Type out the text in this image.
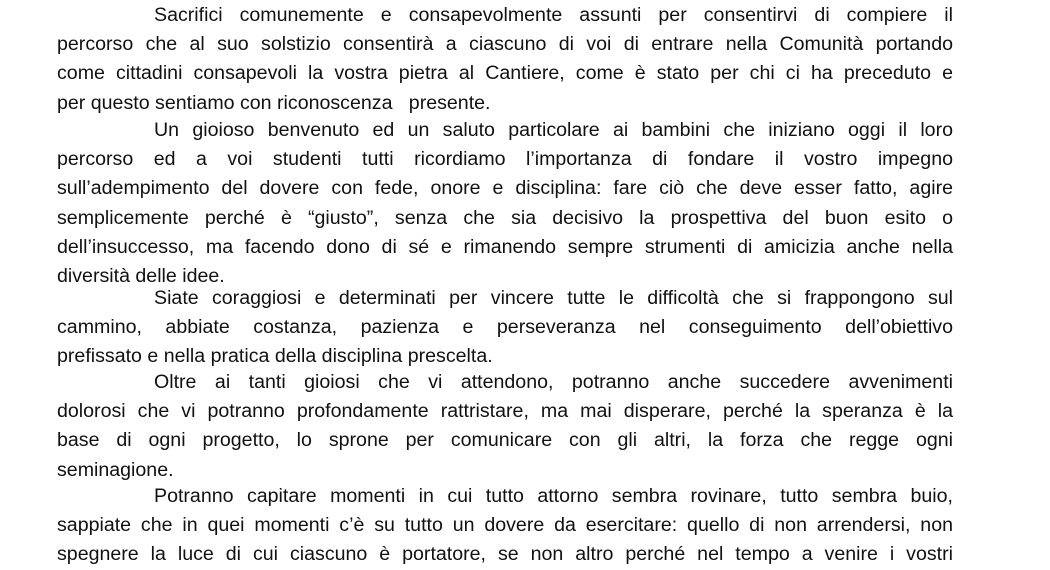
Sacrifici comunemente e consapevolmente assunti per consentirvi di compiere il
percorso che al suo solstizio consentirà a ciascuno di voi di entrare nella Comunità portando
come cittadini consapevoli la vostra pietra al Cantiere, come è stato per chi ci ha preceduto e
per questo sentiamo con riconoscenza   presente.
Un gioioso benvenuto ed un saluto particolare ai bambini che iniziano oggi il loro
percorso ed a voi studenti tutti ricordiamo l’importanza di fondare il vostro impegno
sull’adempimento del dovere con fede, onore e disciplina: fare ciò che deve esser fatto, agire
semplicemente perché è “giusto”, senza che sia decisivo la prospettiva del buon esito o
dell’insuccesso, ma facendo dono di sé e rimanendo sempre strumenti di amicizia anche nella
diversità delle idee.
Siate coraggiosi e determinati per vincere tutte le difficoltà che si frappongono sul
cammino, abbiate costanza, pazienza e perseveranza nel conseguimento dell’obiettivo
prefissato e nella pratica della disciplina prescelta.
Oltre ai tanti gioiosi che vi attendono, potranno anche succedere avvenimenti
dolorosi che vi potranno profondamente rattristare, ma mai disperare, perché la speranza è la
base di ogni progetto, lo sprone per comunicare con gli altri, la forza che regge ogni
seminagione.
Potranno capitare momenti in cui tutto attorno sembra rovinare, tutto sembra buio,
sappiate che in quei momenti c’è su tutto un dovere da esercitare: quello di non arrendersi, non
spegnere la luce di cui ciascuno è portatore, se non altro perché nel tempo a venire i vostri
